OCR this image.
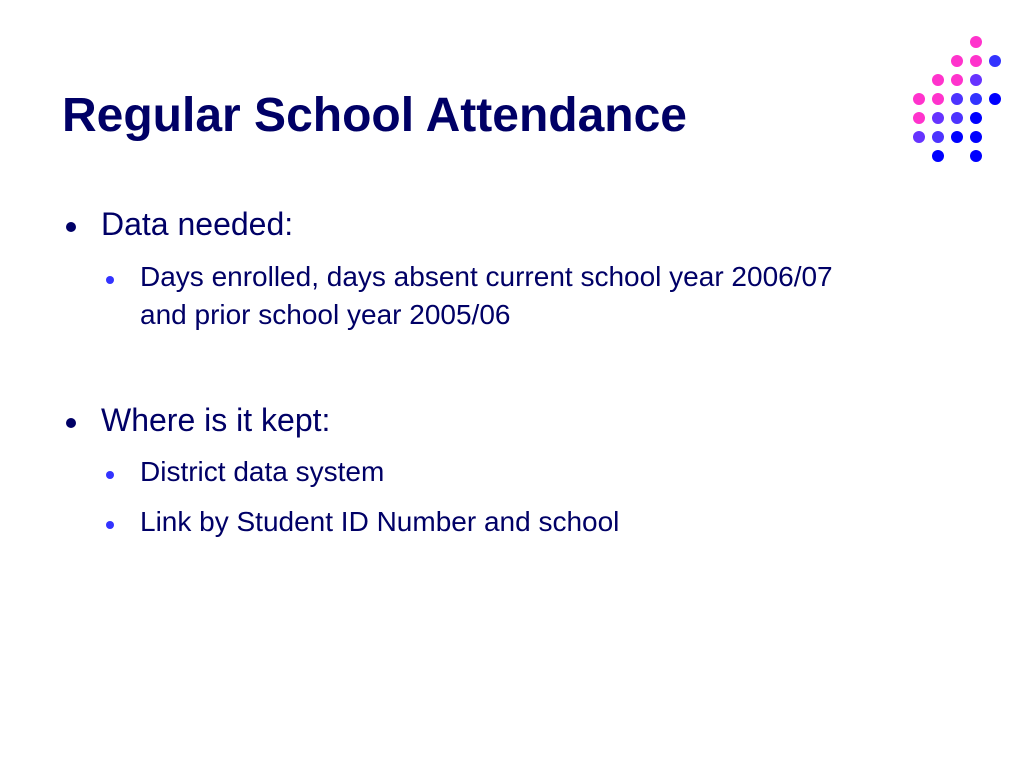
Regular School Attendance
Data needed:
Days enrolled, days absent current school year 2006/07 and prior school year 2005/06
Where is it kept:
District data system
Link by Student ID Number and school
